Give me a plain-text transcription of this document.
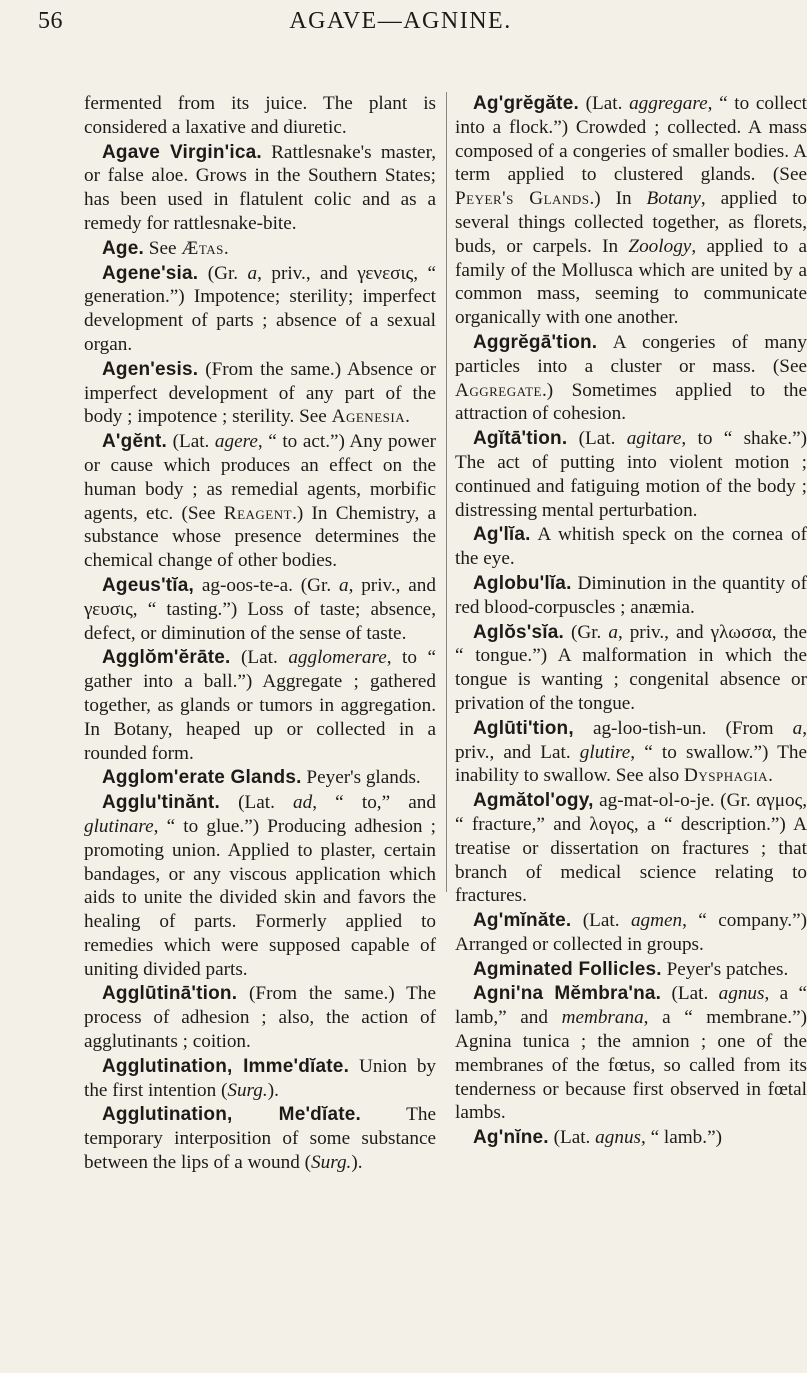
56	AGAVE—AGNINE.

fermented from its juice. The plant is considered a laxative and diuretic.

Agave Virgin'ica. Rattlesnake's master, or false aloe. Grows in the Southern States; has been used in flatulent colic and as a remedy for rattlesnake-bite.

Age. See Ætas.

Agene'sia. (Gr. a, priv., and γενεσις, “ generation.”) Impotence; sterility; imperfect development of parts ; absence of a sexual organ.

Agen'esis. (From the same.) Absence or imperfect development of any part of the body ; impotence ; sterility. See Agenesia.

A'gĕnt. (Lat. agere, “ to act.”) Any power or cause which produces an effect on the human body ; as remedial agents, morbific agents, etc. (See Reagent.) In Chemistry, a substance whose presence determines the chemical change of other bodies.

Ageus'tĭa, ag-oos-te-a. (Gr. a, priv., and γευσις, “ tasting.”) Loss of taste; absence, defect, or diminution of the sense of taste.

Agglŏm'ĕrāte. (Lat. agglomerare, to “ gather into a ball.”) Aggregate ; gathered together, as glands or tumors in aggregation. In Botany, heaped up or collected in a rounded form.

Agglom'erate Glands. Peyer's glands.

Agglu'tinănt. (Lat. ad, “ to,” and glutinare, “ to glue.”) Producing adhesion ; promoting union. Applied to plaster, certain bandages, or any viscous application which aids to unite the divided skin and favors the healing of parts. Formerly applied to remedies which were supposed capable of uniting divided parts.

Agglūtinā'tion. (From the same.) The process of adhesion ; also, the action of agglutinants ; coition.

Agglutination, Imme'dĭate. Union by the first intention (Surg.).

Agglutination, Me'dĭate. The temporary interposition of some substance between the lips of a wound (Surg.).

Ag'grĕgăte. (Lat. aggregare, “ to collect into a flock.”) Crowded ; collected. A mass composed of a congeries of smaller bodies. A term applied to clustered glands. (See Peyer's Glands.) In Botany, applied to several things collected together, as florets, buds, or carpels. In Zoology, applied to a family of the Mollusca which are united by a common mass, seeming to communicate organically with one another.

Aggrĕgā'tion. A congeries of many particles into a cluster or mass. (See Aggregate.) Sometimes applied to the attraction of cohesion.

Agĭtā'tion. (Lat. agitare, to “ shake.”) The act of putting into violent motion ; continued and fatiguing motion of the body ; distressing mental perturbation.

Ag'lĭa. A whitish speck on the cornea of the eye.

Aglobu'lĭa. Diminution in the quantity of red blood-corpuscles ; anæmia.

Aglŏs'sĭa. (Gr. a, priv., and γλωσσα, the “ tongue.”) A malformation in which the tongue is wanting ; congenital absence or privation of the tongue.

Aglūti'tion, ag-loo-tish-un. (From a, priv., and Lat. glutire, “ to swallow.”) The inability to swallow. See also Dysphagia.

Agmătol'ogy, ag-mat-ol-o-je. (Gr. αγμος, “ fracture,” and λογος, a “ description.”) A treatise or dissertation on fractures ; that branch of medical science relating to fractures.

Ag'mĭnăte. (Lat. agmen, “ company.”) Arranged or collected in groups.

Agminated Follicles. Peyer's patches.

Agni'na Mĕmbra'na. (Lat. agnus, a “ lamb,” and membrana, a “ membrane.”) Agnina tunica ; the amnion ; one of the membranes of the fœtus, so called from its tenderness or because first observed in fœtal lambs.

Ag'nĭne. (Lat. agnus, “ lamb.”)
